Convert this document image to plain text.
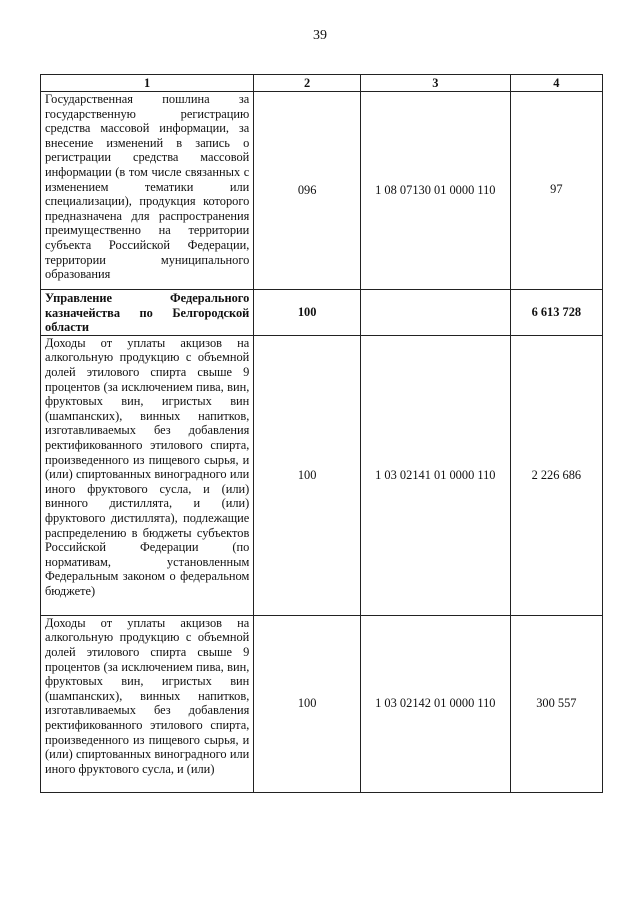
39
1	2	3	4
Государственная пошлина за государственную регистрацию средства массовой информации, за внесение изменений в запись о регистрации средства массовой информации (в том числе связанных с изменением тематики или специализации), продукция которого предназначена для распространения преимущественно на территории субъекта Российской Федерации, территории муниципального образования	096	1 08 07130 01 0000 110	97
Управление Федерального казначейства по Белгородской области	100		6 613 728
Доходы от уплаты акцизов на алкогольную продукцию с объемной долей этилового спирта свыше 9 процентов (за исключением пива, вин, фруктовых вин, игристых вин (шампанских), винных напитков, изготавливаемых без добавления ректификованного этилового спирта, произведенного из пищевого сырья, и (или) спиртованных виноградного или иного фруктового сусла, и (или) винного дистиллята, и (или) фруктового дистиллята), подлежащие распределению в бюджеты субъектов Российской Федерации (по нормативам, установленным Федеральным законом о федеральном бюджете)	100	1 03 02141 01 0000 110	2 226 686
Доходы от уплаты акцизов на алкогольную продукцию с объемной долей этилового спирта свыше 9 процентов (за исключением пива, вин, фруктовых вин, игристых вин (шампанских), винных напитков, изготавливаемых без добавления ректификованного этилового спирта, произведенного из пищевого сырья, и (или) спиртованных виноградного или иного фруктового сусла, и (или)	100	1 03 02142 01 0000 110	300 557
